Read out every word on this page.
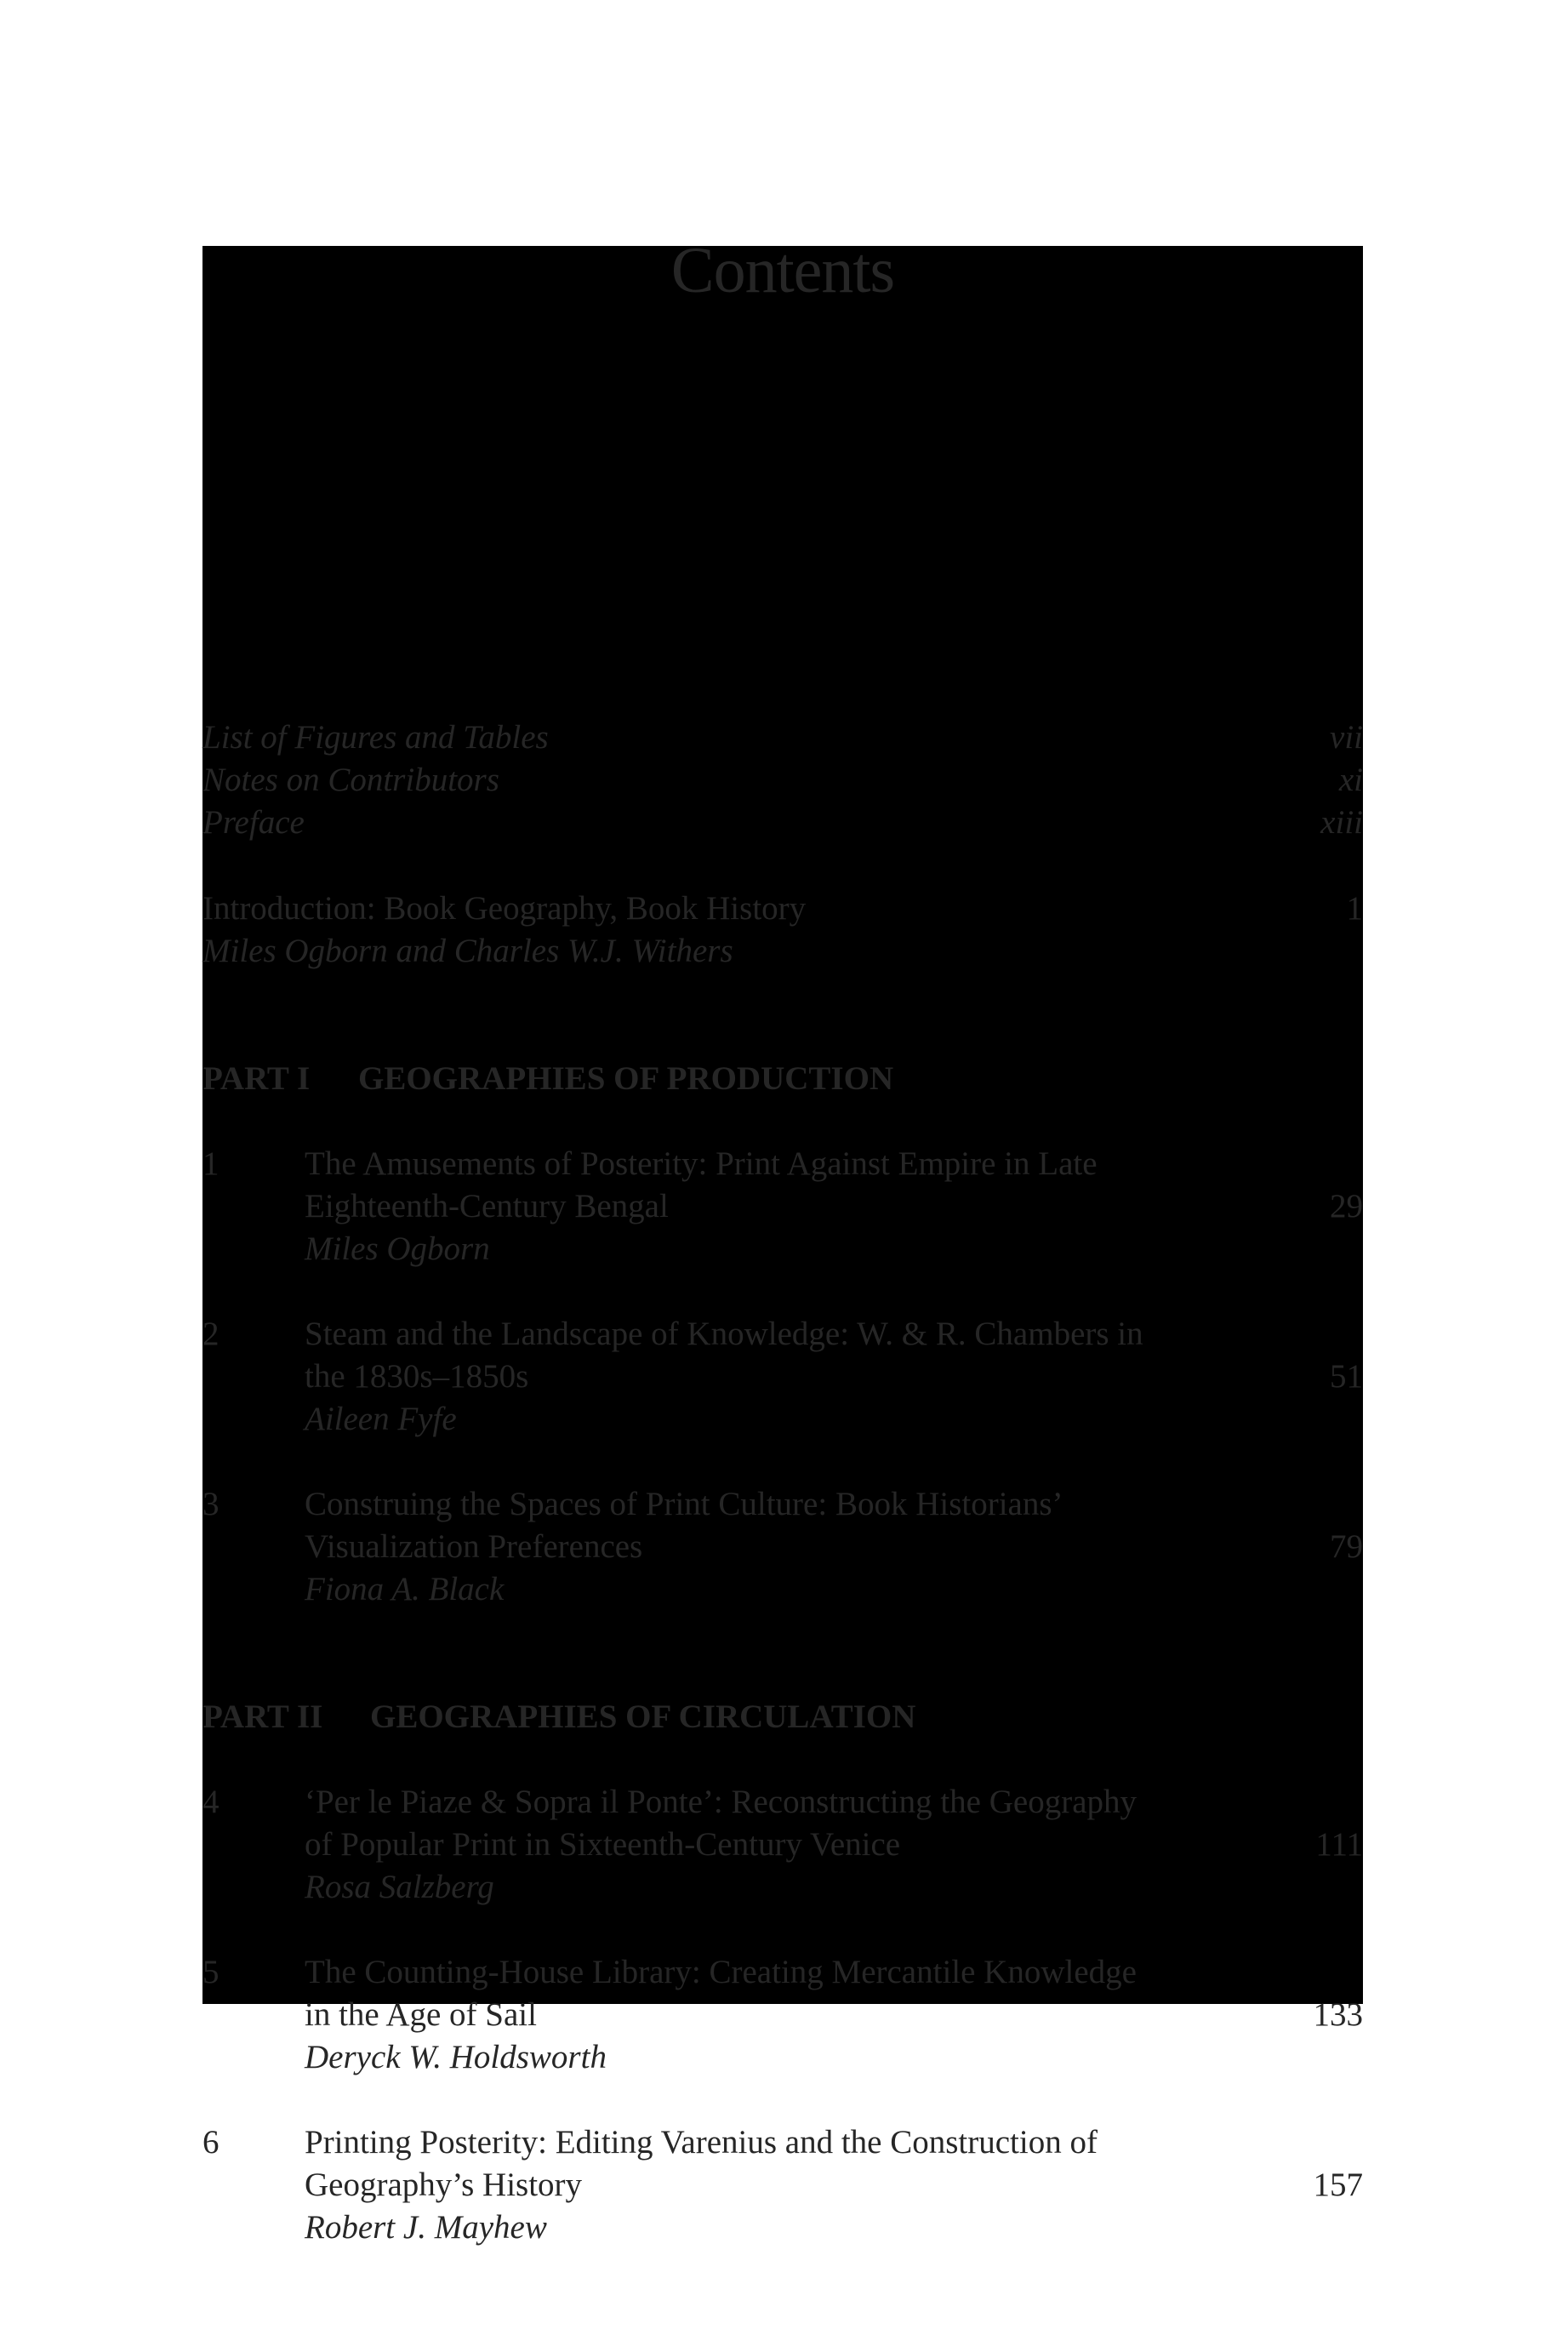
Contents
List of Figures and Tables	vii
Notes on Contributors	xi
Preface	xiii
Introduction: Book Geography, Book History	1
Miles Ogborn and Charles W.J. Withers
PART I GEOGRAPHIES OF PRODUCTION
1	The Amusements of Posterity: Print Against Empire in Late
Eighteenth-Century Bengal	29
Miles Ogborn
2	Steam and the Landscape of Knowledge: W. & R. Chambers in
the 1830s–1850s	51
Aileen Fyfe
3	Construing the Spaces of Print Culture: Book Historians’
Visualization Preferences	79
Fiona A. Black
PART II GEOGRAPHIES OF CIRCULATION
4	‘Per le Piaze & Sopra il Ponte’: Reconstructing the Geography
of Popular Print in Sixteenth-Century Venice	111
Rosa Salzberg
5	The Counting-House Library: Creating Mercantile Knowledge
in the Age of Sail	133
Deryck W. Holdsworth
6	Printing Posterity: Editing Varenius and the Construction of
Geography’s History	157
Robert J. Mayhew
